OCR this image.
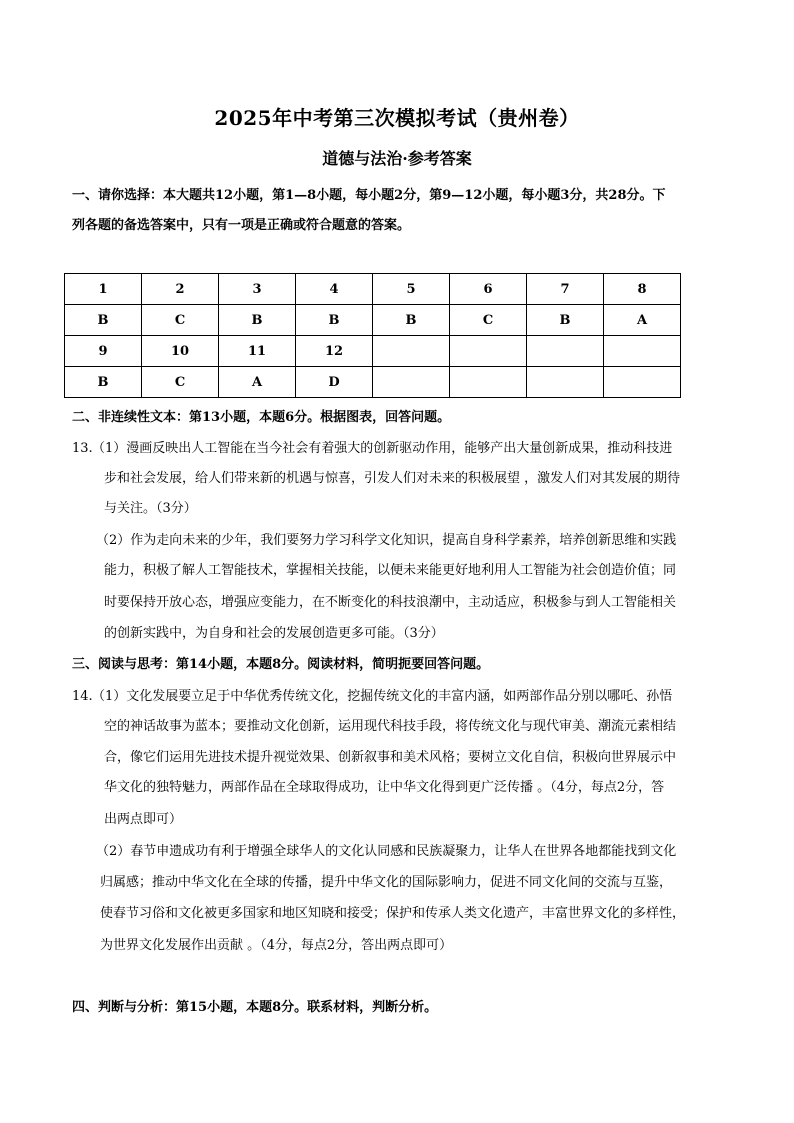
2025年中考第三次模拟考试（贵州卷）
道德与法治·参考答案
一、请你选择：本大题共12小题，第1—8小题，每小题2分，第9—12小题，每小题3分，共28分。下
列各题的备选答案中，只有一项是正确或符合题意的答案。
1	2	3	4	5	6	7	8
B	C	B	B	B	C	B	A
9	10	11	12				
B	C	A	D				
二、非连续性文本：第13小题，本题6分。根据图表，回答问题。
13. （1）漫画反映出人工智能在当今社会有着强大的创新驱动作用，能够产出大量创新成果，推动科技进
步和社会发展，给人们带来新的机遇与惊喜，引发人们对未来的积极展望 ，激发人们对其发展的期待
与关注。（3分）
（2）作为走向未来的少年，我们要努力学习科学文化知识，提高自身科学素养，培养创新思维和实践
能力，积极了解人工智能技术，掌握相关技能，以便未来能更好地利用人工智能为社会创造价值；同
时要保持开放心态，增强应变能力，在不断变化的科技浪潮中，主动适应，积极参与到人工智能相关
的创新实践中，为自身和社会的发展创造更多可能。（3分）
三、阅读与思考：第14小题，本题8分。阅读材料，简明扼要回答问题。
14. （1）文化发展要立足于中华优秀传统文化，挖掘传统文化的丰富内涵，如两部作品分别以哪吒、孙悟
空的神话故事为蓝本；要推动文化创新，运用现代科技手段，将传统文化与现代审美、潮流元素相结
合，像它们运用先进技术提升视觉效果、创新叙事和美术风格；要树立文化自信，积极向世界展示中
华文化的独特魅力，两部作品在全球取得成功，让中华文化得到更广泛传播 。（4分，每点2分，答
出两点即可）
（2）春节申遗成功有利于增强全球华人的文化认同感和民族凝聚力，让华人在世界各地都能找到文化
归属感；推动中华文化在全球的传播，提升中华文化的国际影响力，促进不同文化间的交流与互鉴，
使春节习俗和文化被更多国家和地区知晓和接受；保护和传承人类文化遗产，丰富世界文化的多样性，
为世界文化发展作出贡献 。（4分，每点2分，答出两点即可）
四、判断与分析：第15小题，本题8分。联系材料，判断分析。
